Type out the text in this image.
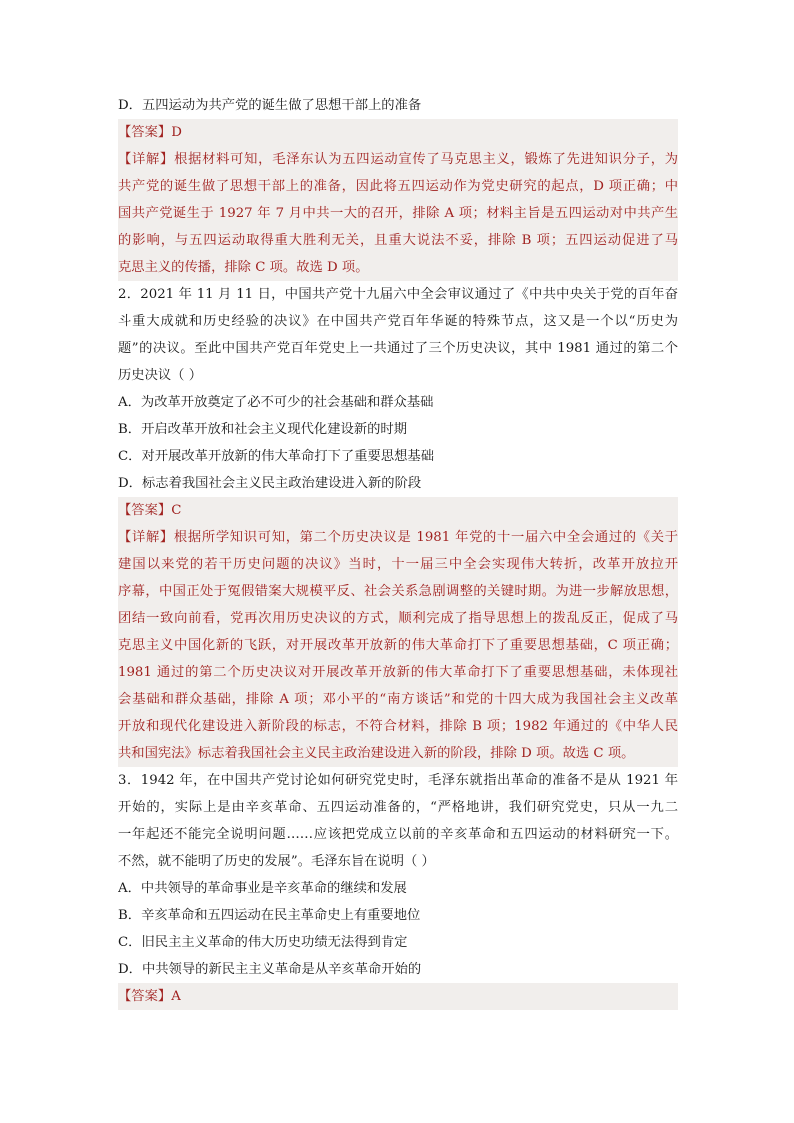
D．五四运动为共产党的诞生做了思想干部上的准备
【答案】D
【详解】根据材料可知，毛泽东认为五四运动宣传了马克思主义，锻炼了先进知识分子，为
共产党的诞生做了思想干部上的准备，因此将五四运动作为党史研究的起点，D 项正确；中
国共产党诞生于 1927 年 7 月中共一大的召开，排除 A 项；材料主旨是五四运动对中共产生
的影响，与五四运动取得重大胜利无关，且重大说法不妥，排除 B 项；五四运动促进了马
克思主义的传播，排除 C 项。故选 D 项。
2．2021 年 11 月 11 日，中国共产党十九届六中全会审议通过了《中共中央关于党的百年奋
斗重大成就和历史经验的决议》在中国共产党百年华诞的特殊节点，这又是一个以“历史为
题”的决议。至此中国共产党百年党史上一共通过了三个历史决议，其中 1981 通过的第二个
历史决议（ ）
A．为改革开放奠定了必不可少的社会基础和群众基础
B．开启改革开放和社会主义现代化建设新的时期
C．对开展改革开放新的伟大革命打下了重要思想基础
D．标志着我国社会主义民主政治建设进入新的阶段
【答案】C
【详解】根据所学知识可知，第二个历史决议是 1981 年党的十一届六中全会通过的《关于
建国以来党的若干历史问题的决议》当时，十一届三中全会实现伟大转折，改革开放拉开
序幕，中国正处于冤假错案大规模平反、社会关系急剧调整的关键时期。为进一步解放思想，
团结一致向前看，党再次用历史决议的方式，顺利完成了指导思想上的拨乱反正，促成了马
克思主义中国化新的飞跃，对开展改革开放新的伟大革命打下了重要思想基础，C 项正确；
1981 通过的第二个历史决议对开展改革开放新的伟大革命打下了重要思想基础，未体现社
会基础和群众基础，排除 A 项；邓小平的“南方谈话”和党的十四大成为我国社会主义改革
开放和现代化建设进入新阶段的标志，不符合材料，排除 B 项；1982 年通过的《中华人民
共和国宪法》标志着我国社会主义民主政治建设进入新的阶段，排除 D 项。故选 C 项。
3．1942 年，在中国共产党讨论如何研究党史时，毛泽东就指出革命的准备不是从 1921 年
开始的，实际上是由辛亥革命、五四运动准备的，“严格地讲，我们研究党史，只从一九二
一年起还不能完全说明问题……应该把党成立以前的辛亥革命和五四运动的材料研究一下。
不然，就不能明了历史的发展”。毛泽东旨在说明（ ）
A．中共领导的革命事业是辛亥革命的继续和发展
B．辛亥革命和五四运动在民主革命史上有重要地位
C．旧民主主义革命的伟大历史功绩无法得到肯定
D．中共领导的新民主主义革命是从辛亥革命开始的
【答案】A
